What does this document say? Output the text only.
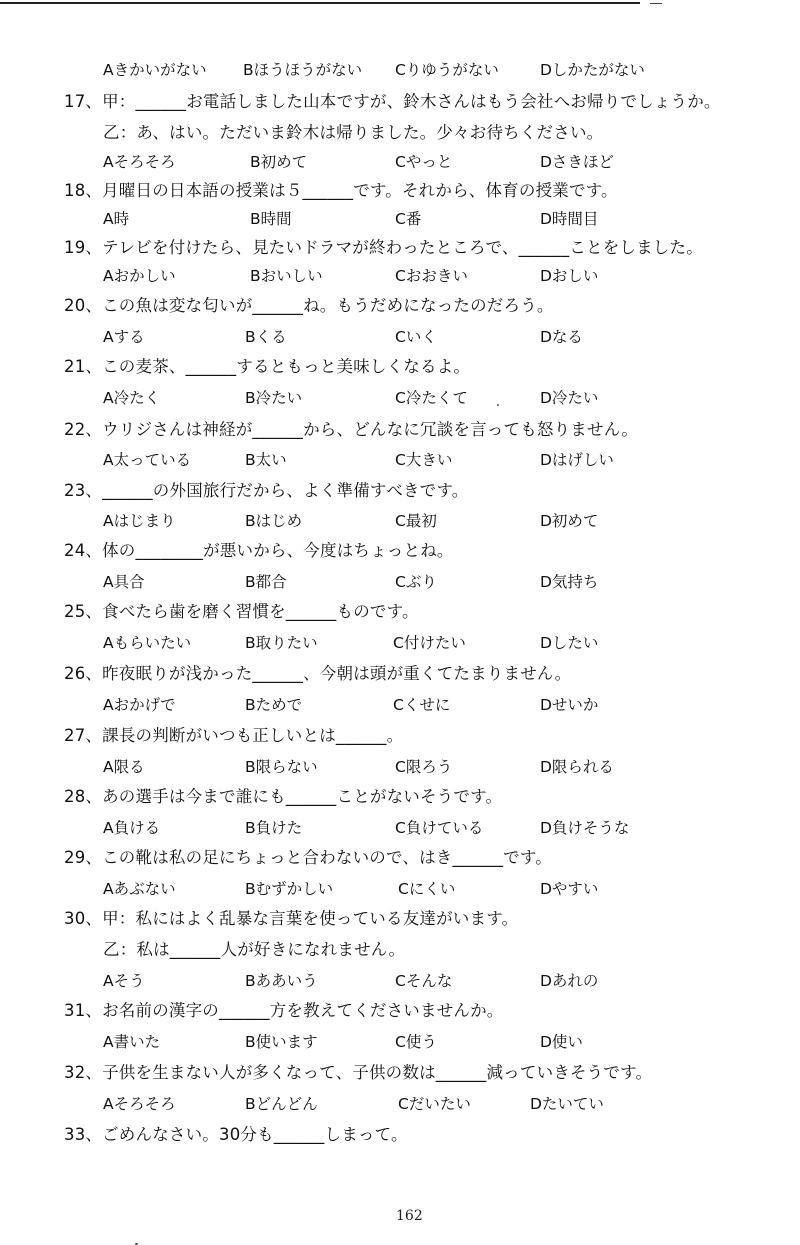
Aきかいがない Bほうほうがない Cりゆうがない	Dしかたがない
17、甲：______お電話しました山本ですが、鈴木さんはもう会社へお帰りでしょうか。
乙：あ、はい。ただいま鈴木は帰りました。少々お待ちください。
Aそろそろ	B初めて	Cやっと	Dさきほど
18、月曜日の日本語の授業は５______です。それから、体育の授業です。
A時	B時間	C番	D時間目
19、テレビを付けたら、見たいドラマが終わったところで、______ことをしました。
Aおかしい	Bおいしい	Cおおきい	Dおしい
20、この魚は変な匂いが______ね。もうだめになったのだろう。
Aする	Bくる	Cいく	Dなる
21、この麦茶、______するともっと美味しくなるよ。
A冷たく	B冷たい	C冷たくて	D冷たい
22、ウリジさんは神経が______から、どんなに冗談を言っても怒りません。
A太っている	B太い	C大きい	Dはげしい
23、______の外国旅行だから、よく準備すべきです。
Aはじまり	Bはじめ	C最初	D初めて
24、体の________が悪いから、今度はちょっとね。
A具合	B都合	Cぶり	D気持ち
25、食べたら歯を磨く習慣を______ものです。
Aもらいたい	B取りたい	C付けたい	Dしたい
26、昨夜眠りが浅かった______、今朝は頭が重くてたまりません。
Aおかげで	Bためで	Cくせに	Dせいか
27、課長の判断がいつも正しいとは______。
A限る	B限らない	C限ろう	D限られる
28、あの選手は今まで誰にも______ことがないそうです。
A負ける	B負けた	C負けている	D負けそうな
29、この靴は私の足にちょっと合わないので、はき______です。
Aあぶない	Bむずかしい	Cにくい	Dやすい
30、甲：私にはよく乱暴な言葉を使っている友達がいます。
乙：私は______人が好きになれません。
Aそう	Bああいう	Cそんな	Dあれの
31、お名前の漢字の______方を教えてくださいませんか。
A書いた	B使います	C使う	D使い
32、子供を生まない人が多くなって、子供の数は______減っていきそうです。
Aそろそろ	Bどんどん	Cだいたい	Dたいてい
33、ごめんなさい。30分も______しまって。
162
